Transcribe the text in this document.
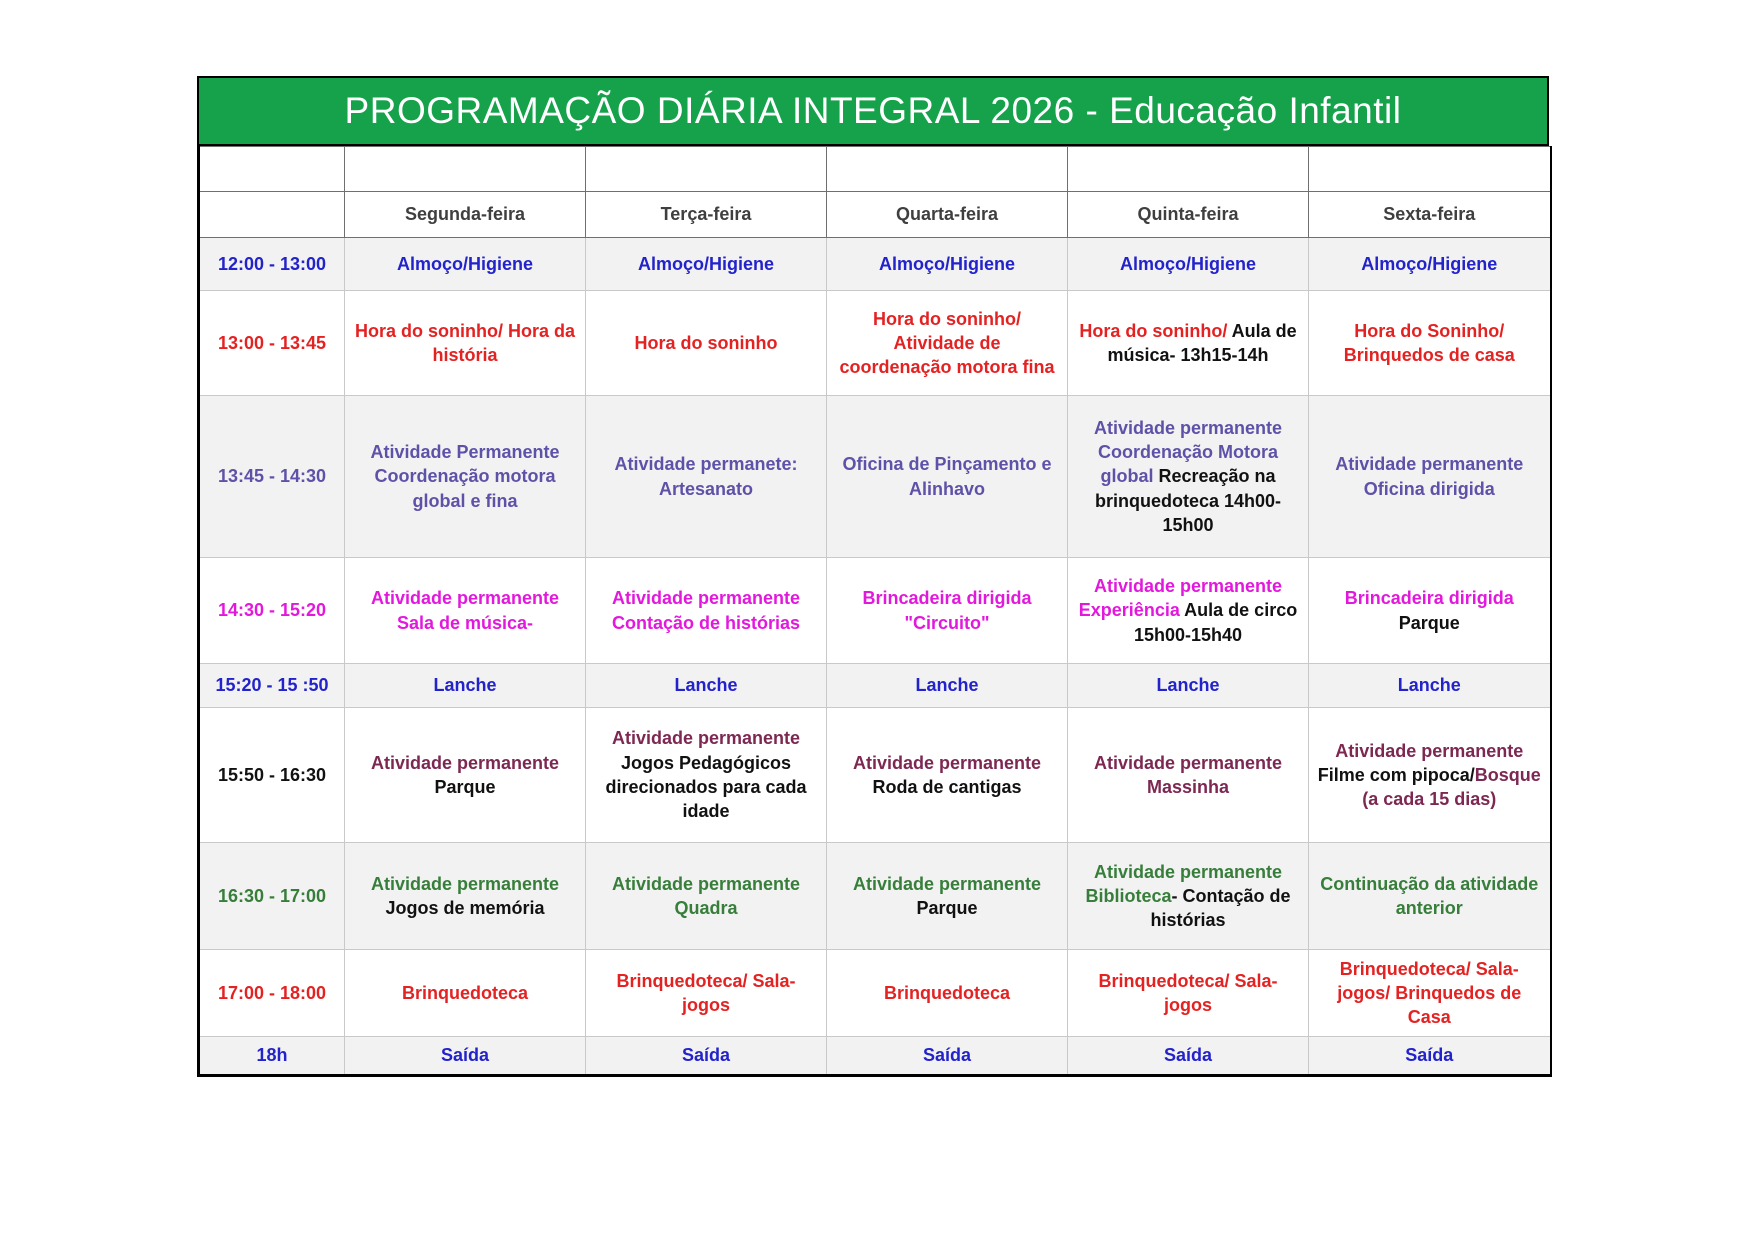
PROGRAMAÇÃO DIÁRIA INTEGRAL 2026 - Educação Infantil

	Segunda-feira	Terça-feira	Quarta-feira	Quinta-feira	Sexta-feira
12:00 - 13:00	Almoço/Higiene	Almoço/Higiene	Almoço/Higiene	Almoço/Higiene	Almoço/Higiene
13:00 - 13:45	Hora do soninho/ Hora da história	Hora do soninho	Hora do soninho/ Atividade de coordenação motora fina	Hora do soninho/ Aula de música- 13h15-14h	Hora do Soninho/ Brinquedos de casa
13:45 - 14:30	Atividade Permanente Coordenação motora global e fina	Atividade permanete: Artesanato	Oficina de Pinçamento e Alinhavo	Atividade permanente Coordenação Motora global Recreação na brinquedoteca 14h00-15h00	Atividade permanente Oficina dirigida
14:30 - 15:20	Atividade permanente Sala de música-	Atividade permanente Contação de histórias	Brincadeira dirigida "Circuito"	Atividade permanente Experiência Aula de circo 15h00-15h40	Brincadeira dirigida Parque
15:20 - 15 :50	Lanche	Lanche	Lanche	Lanche	Lanche
15:50 - 16:30	Atividade permanente Parque	Atividade permanente Jogos Pedagógicos direcionados para cada idade	Atividade permanente Roda de cantigas	Atividade permanente Massinha	Atividade permanente Filme com pipoca/Bosque (a cada 15 dias)
16:30 - 17:00	Atividade permanente Jogos de memória	Atividade permanente Quadra	Atividade permanente Parque	Atividade permanente Biblioteca- Contação de histórias	Continuação da atividade anterior
17:00 - 18:00	Brinquedoteca	Brinquedoteca/ Sala-jogos	Brinquedoteca	Brinquedoteca/ Sala-jogos	Brinquedoteca/ Sala-jogos/ Brinquedos de Casa
18h	Saída	Saída	Saída	Saída	Saída
